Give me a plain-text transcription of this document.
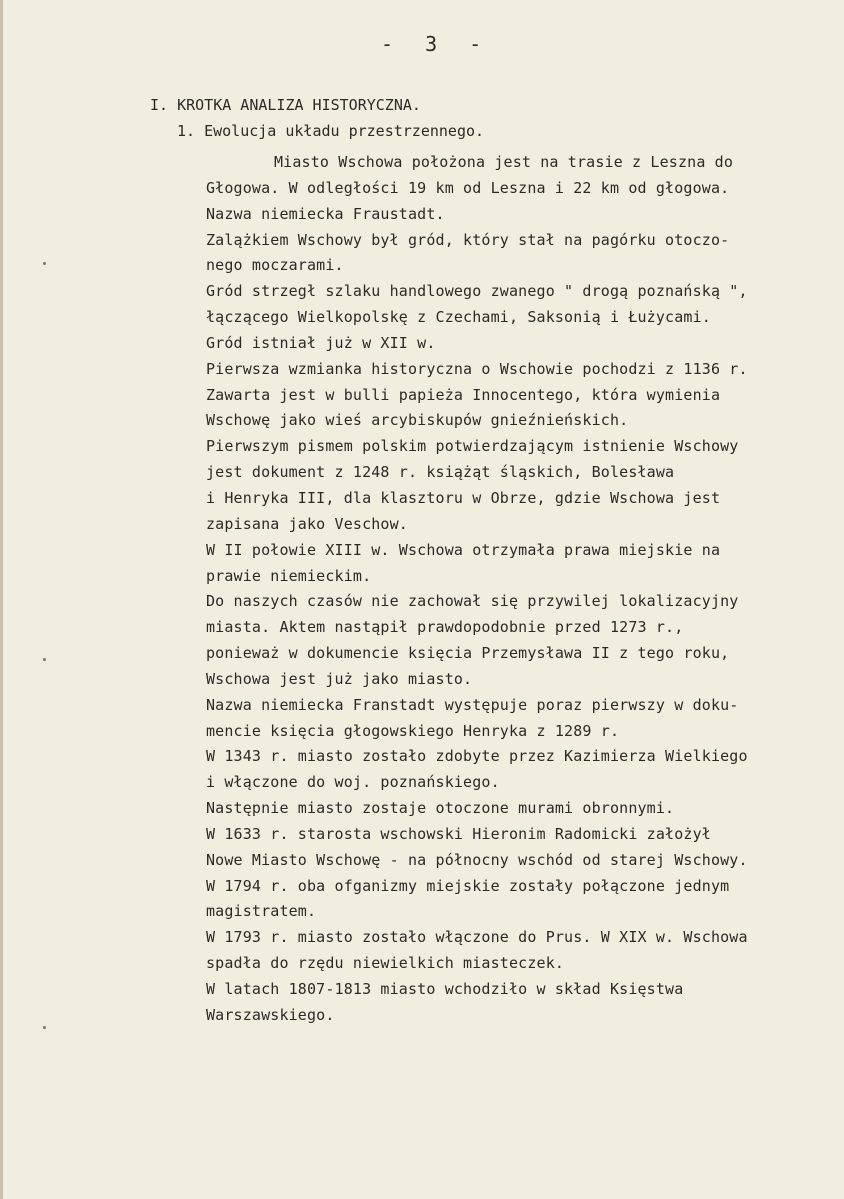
- 3 -
I. KROTKA ANALIZA HISTORYCZNA.
1. Ewolucja układu przestrzennego.
Miasto Wschowa położona jest na trasie z Leszna do
Głogowa. W odległości 19 km od Leszna i 22 km od głogowa.
Nazwa niemiecka Fraustadt.
Zalążkiem Wschowy był gród, który stał na pagórku otoczo-
nego moczarami.
Gród strzegł szlaku handlowego zwanego " drogą poznańską ",
łączącego Wielkopolskę z Czechami, Saksonią i Łużycami.
Gród istniał już w XII w.
Pierwsza wzmianka historyczna o Wschowie pochodzi z 1136 r.
Zawarta jest w bulli papieża Innocentego, która wymienia
Wschowę jako wieś arcybiskupów gnieźnieńskich.
Pierwszym pismem polskim potwierdzającym istnienie Wschowy
jest dokument z 1248 r. książąt śląskich, Bolesława
i Henryka III, dla klasztoru w Obrze, gdzie Wschowa jest
zapisana jako Veschow.
W II połowie XIII w. Wschowa otrzymała prawa miejskie na
prawie niemieckim.
Do naszych czasów nie zachował się przywilej lokalizacyjny
miasta. Aktem nastąpił prawdopodobnie przed 1273 r.,
ponieważ w dokumencie księcia Przemysława II z tego roku,
Wschowa jest już jako miasto.
Nazwa niemiecka Franstadt występuje poraz pierwszy w doku-
mencie księcia głogowskiego Henryka z 1289 r.
W 1343 r. miasto zostało zdobyte przez Kazimierza Wielkiego
i włączone do woj. poznańskiego.
Następnie miasto zostaje otoczone murami obronnymi.
W 1633 r. starosta wschowski Hieronim Radomicki założył
Nowe Miasto Wschowę - na północny wschód od starej Wschowy.
W 1794 r. oba ofganizmy miejskie zostały połączone jednym
magistratem.
W 1793 r. miasto zostało włączone do Prus. W XIX w. Wschowa
spadła do rzędu niewielkich miasteczek.
W latach 1807-1813 miasto wchodziło w skład Księstwa
Warszawskiego.
